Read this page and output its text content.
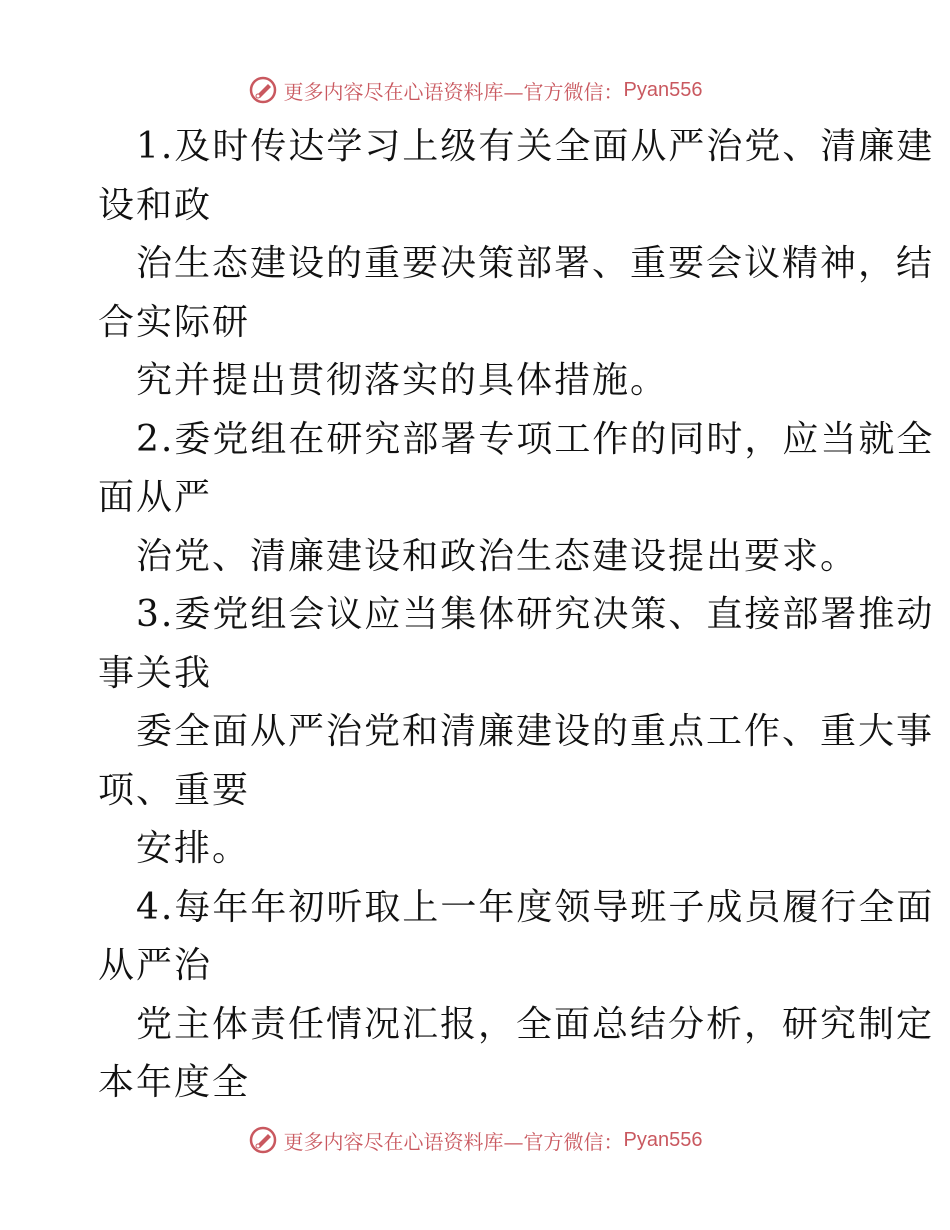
更多内容尽在心语资料库—官方微信： Pyan556
1.及时传达学习上级有关全面从严治党、清廉建
设和政
治生态建设的重要决策部署、重要会议精神，结
合实际研
究并提出贯彻落实的具体措施。
2.委党组在研究部署专项工作的同时，应当就全
面从严
治党、清廉建设和政治生态建设提出要求。
3.委党组会议应当集体研究决策、直接部署推动
事关我
委全面从严治党和清廉建设的重点工作、重大事
项、重要
安排。
4.每年年初听取上一年度领导班子成员履行全面
从严治
党主体责任情况汇报，全面总结分析，研究制定
本年度全
更多内容尽在心语资料库—官方微信： Pyan556
